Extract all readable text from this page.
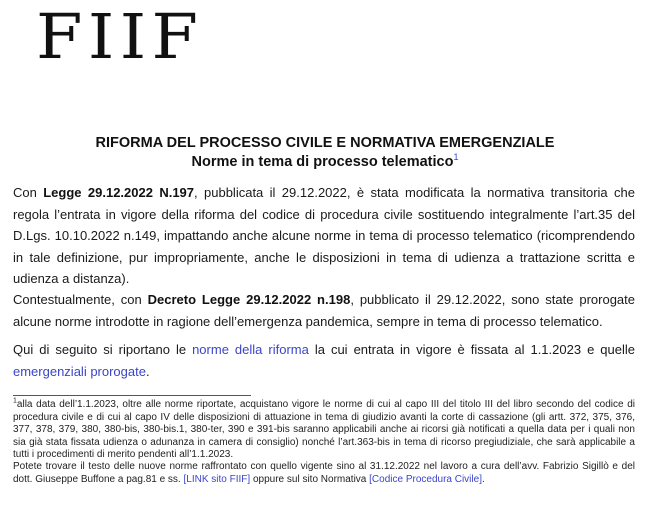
FIIF
RIFORMA DEL PROCESSO CIVILE E NORMATIVA EMERGENZIALE
Norme in tema di processo telematico$^1$

Con Legge 29.12.2022 N.197, pubblicata il 29.12.2022, è stata modificata la normativa transitoria che regola l’entrata in vigore della riforma del codice di procedura civile sostituendo integralmente l’art.35 del D.Lgs. 10.10.2022 n.149, impattando anche alcune norme in tema di processo telematico (ricomprendendo in tale definizione, pur impropriamente, anche le disposizioni in tema di udienza a trattazione scritta e udienza a distanza).

Contestualmente, con Decreto Legge 29.12.2022 n.198, pubblicato il 29.12.2022, sono state prorogate alcune norme introdotte in ragione dell’emergenza pandemica, sempre in tema di processo telematico.

Qui di seguito si riportano le norme della riforma la cui entrata in vigore è fissata al 1.1.2023 e quelle emergenziali prorogate.

$^1$alla data dell’1.1.2023, oltre alle norme riportate, acquistano vigore le norme di cui al capo III del titolo III del libro secondo del codice di procedura civile e di cui al capo IV delle disposizioni di attuazione in tema di giudizio avanti la corte di cassazione (gli artt. 372, 375, 376, 377, 378, 379, 380, 380-bis, 380-bis.1, 380-ter, 390 e 391-bis saranno applicabili anche ai ricorsi già notificati a quella data per i quali non sia già stata fissata udienza o adunanza in camera di consiglio) nonché l’art.363-bis in tema di ricorso pregiudiziale, che sarà applicabile a tutti i procedimenti di merito pendenti all’1.1.2023.

Potete trovare il testo delle nuove norme raffrontato con quello vigente sino al 31.12.2022 nel lavoro a cura dell’avv. Fabrizio Sigillò e del dott. Giuseppe Buffone a pag.81 e ss. [LINK sito FIIF] oppure sul sito Normativa [Codice Procedura Civile].
